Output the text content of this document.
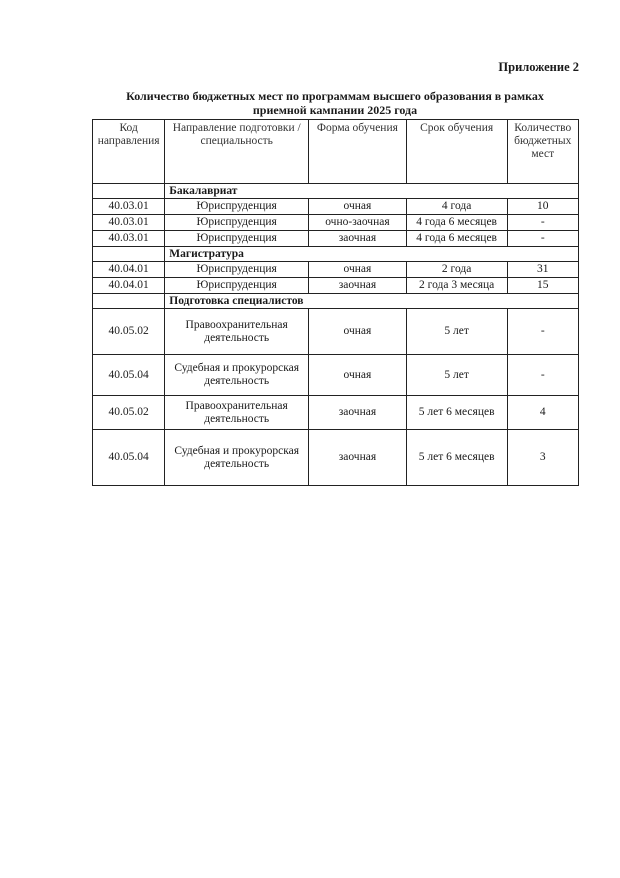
Приложение 2
Количество бюджетных мест по программам высшего образования в рамках
приемной кампании 2025 года
Код направления	Направление подготовки / специальность	Форма обучения	Срок обучения	Количество бюджетных мест
	Бакалавриат			
40.03.01	Юриспруденция	очная	4 года	10
40.03.01	Юриспруденция	очно-заочная	4 года 6 месяцев	-
40.03.01	Юриспруденция	заочная	4 года 6 месяцев	-
	Магистратура			
40.04.01	Юриспруденция	очная	2 года	31
40.04.01	Юриспруденция	заочная	2 года 3 месяца	15
	Подготовка специалистов			
40.05.02	Правоохранительная деятельность	очная	5 лет	-
40.05.04	Судебная и прокурорская деятельность	очная	5 лет	-
40.05.02	Правоохранительная деятельность	заочная	5 лет 6 месяцев	4
40.05.04	Судебная и прокурорская деятельность	заочная	5 лет 6 месяцев	3
